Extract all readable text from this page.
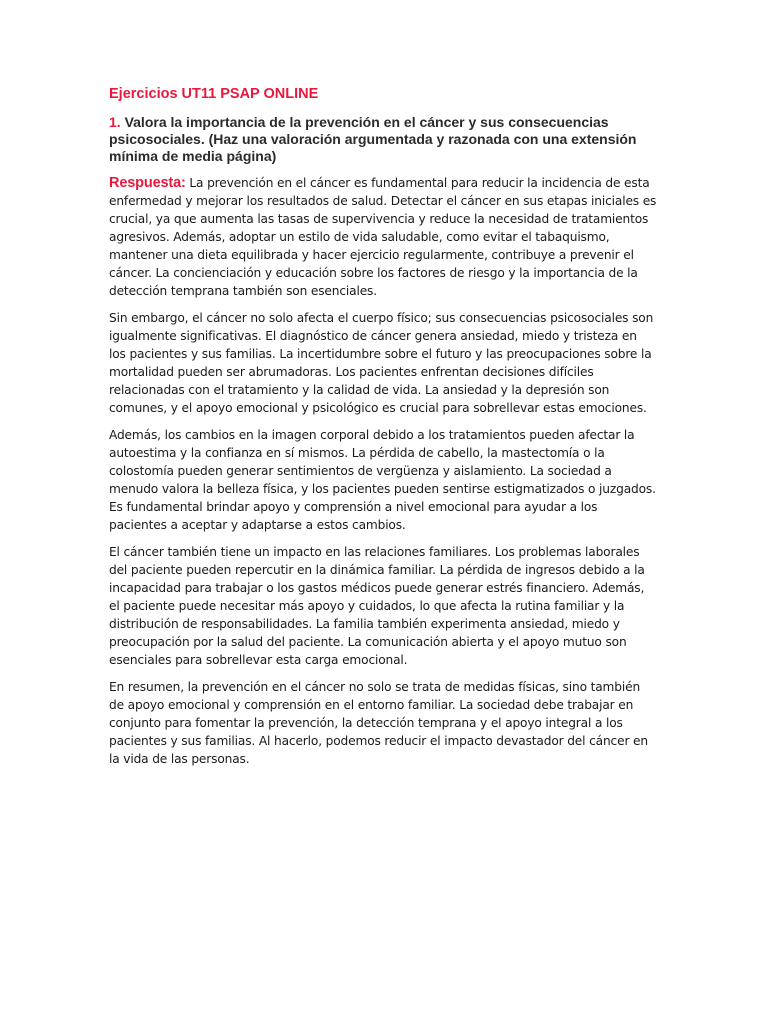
Ejercicios UT11 PSAP ONLINE
1. Valora la importancia de la prevención en el cáncer y sus consecuencias psicosociales. (Haz una valoración argumentada y razonada con una extensión mínima de media página)

Respuesta: La prevención en el cáncer es fundamental para reducir la incidencia de esta enfermedad y mejorar los resultados de salud. Detectar el cáncer en sus etapas iniciales es crucial, ya que aumenta las tasas de supervivencia y reduce la necesidad de tratamientos agresivos. Además, adoptar un estilo de vida saludable, como evitar el tabaquismo, mantener una dieta equilibrada y hacer ejercicio regularmente, contribuye a prevenir el cáncer. La concienciación y educación sobre los factores de riesgo y la importancia de la detección temprana también son esenciales.

Sin embargo, el cáncer no solo afecta el cuerpo físico; sus consecuencias psicosociales son igualmente significativas. El diagnóstico de cáncer genera ansiedad, miedo y tristeza en los pacientes y sus familias. La incertidumbre sobre el futuro y las preocupaciones sobre la mortalidad pueden ser abrumadoras. Los pacientes enfrentan decisiones difíciles relacionadas con el tratamiento y la calidad de vida. La ansiedad y la depresión son comunes, y el apoyo emocional y psicológico es crucial para sobrellevar estas emociones.

Además, los cambios en la imagen corporal debido a los tratamientos pueden afectar la autoestima y la confianza en sí mismos. La pérdida de cabello, la mastectomía o la colostomía pueden generar sentimientos de vergüenza y aislamiento. La sociedad a menudo valora la belleza física, y los pacientes pueden sentirse estigmatizados o juzgados. Es fundamental brindar apoyo y comprensión a nivel emocional para ayudar a los pacientes a aceptar y adaptarse a estos cambios.

El cáncer también tiene un impacto en las relaciones familiares. Los problemas laborales del paciente pueden repercutir en la dinámica familiar. La pérdida de ingresos debido a la incapacidad para trabajar o los gastos médicos puede generar estrés financiero. Además, el paciente puede necesitar más apoyo y cuidados, lo que afecta la rutina familiar y la distribución de responsabilidades. La familia también experimenta ansiedad, miedo y preocupación por la salud del paciente. La comunicación abierta y el apoyo mutuo son esenciales para sobrellevar esta carga emocional.

En resumen, la prevención en el cáncer no solo se trata de medidas físicas, sino también de apoyo emocional y comprensión en el entorno familiar. La sociedad debe trabajar en conjunto para fomentar la prevención, la detección temprana y el apoyo integral a los pacientes y sus familias. Al hacerlo, podemos reducir el impacto devastador del cáncer en la vida de las personas.
